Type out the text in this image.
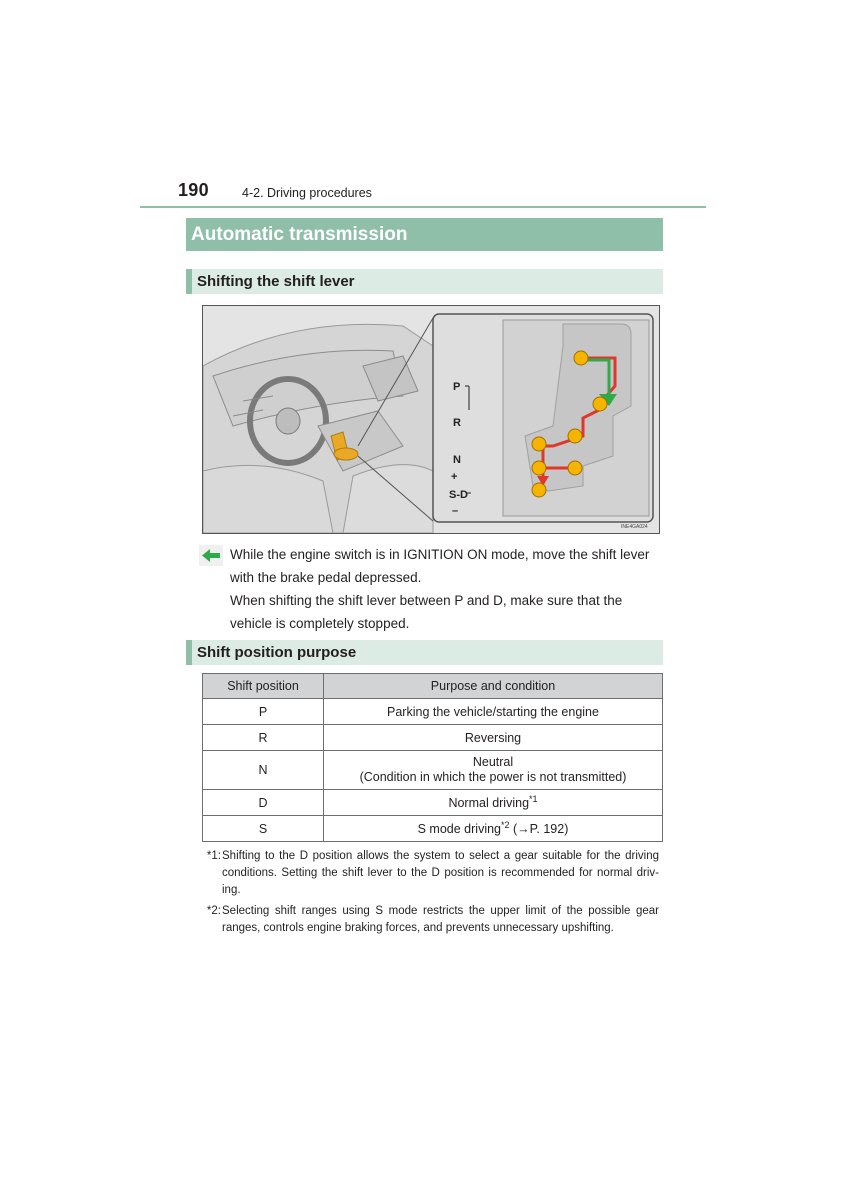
190	4-2. Driving procedures
Automatic transmission
Shifting the shift lever
P
R
N
+
S-D
–
INE4GA024
While the engine switch is in IGNITION ON mode, move the shift lever with the brake pedal depressed.
When shifting the shift lever between P and D, make sure that the vehicle is completely stopped.
Shift position purpose
Shift position	Purpose and condition
P	Parking the vehicle/starting the engine
R	Reversing
N	Neutral
(Condition in which the power is not transmitted)
D	Normal driving$^{*1}$
S	S mode driving$^{*2}$ (→P. 192)
*1: Shifting to the D position allows the system to select a gear suitable for the driving conditions. Setting the shift lever to the D position is recommended for normal driv-ing.
*2: Selecting shift ranges using S mode restricts the upper limit of the possible gear ranges, controls engine braking forces, and prevents unnecessary upshifting.
